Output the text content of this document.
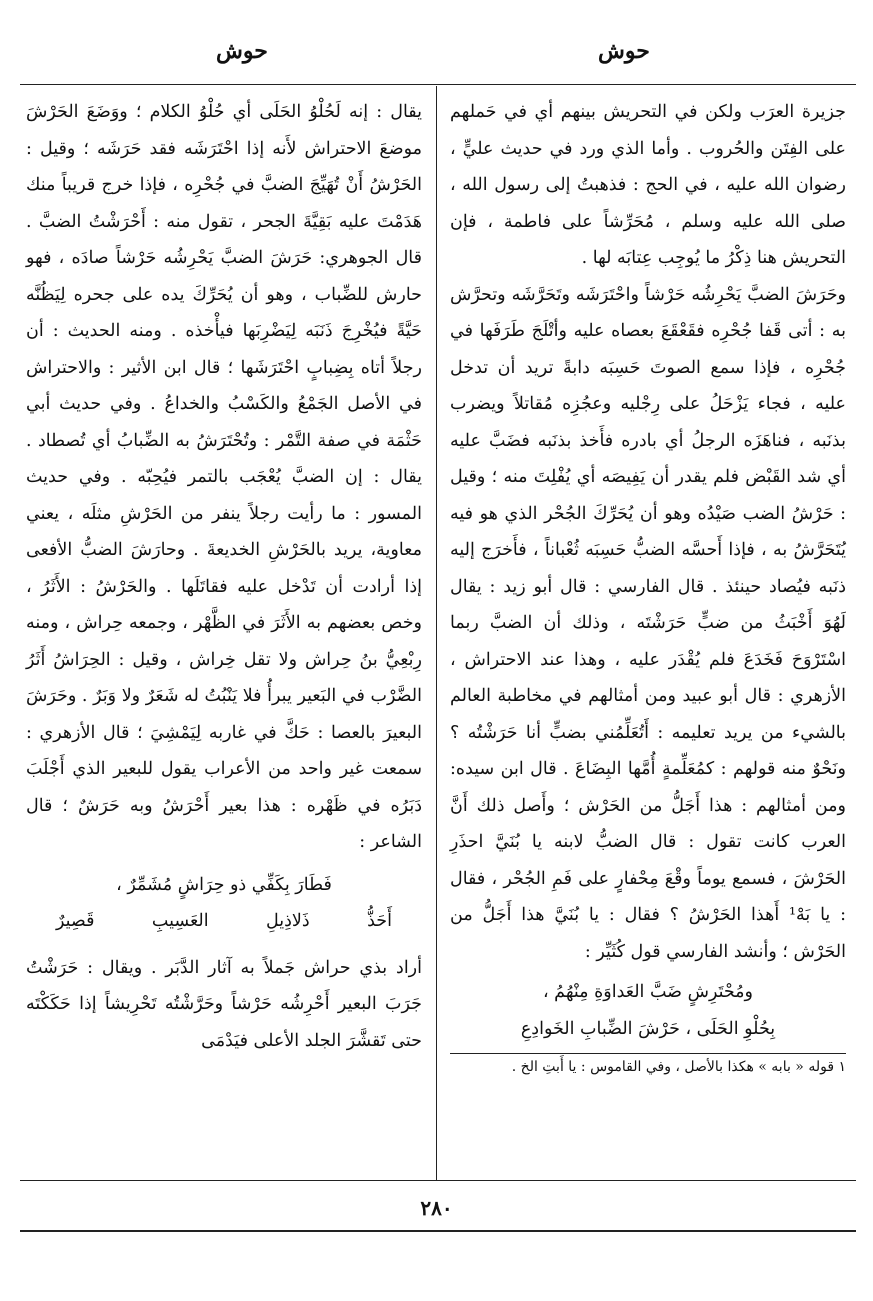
حوش
حوش

جزيرة العرَب ولكن في التحريش بينهم أي في حَملهم على الفِتَن والحُروب . وأما الذي ورد في حديث عليٍّ ، رضوان الله عليه ، في الحج : فذهبتُ إلى رسول الله ، صلى الله عليه وسلم ، مُحَرِّشاً على فاطمة ، فإن التحريش هنا ذِكْرُ ما يُوجِب عِتابَه لها .

وحَرَشَ الضبَّ يَحْرِشُه حَرْشاً واحْتَرَشَه وتَحَرَّشَه وتحرَّش به : أتى قَفا جُحْرِه فقَعْقَعَ بعصاه عليه وأتْلَجَ طَرَفَها في جُحْرِه ، فإذا سمع الصوتَ حَسِبَه دابةً تريد أن تدخل عليه ، فجاء يَزْحَلُ على رِجْليه وعجُزِه مُقاتلاً ويضرب بذنَبه ، فناهَزَه الرجلُ أي بادره فأَخذ بذنَبه فضَبَّ عليه أي شد القَبْض فلم يقدر أن يَفِيصَه أي يُفْلِتَ منه ؛ وقيل : حَرْشُ الضب صَيْدُه وهو أن يُحَرِّكَ الجُحْر الذي هو فيه يُتَحَرَّشُ به ، فإذا أَحسَّه الضبُّ حَسِبَه ثُعْباناً ، فأَخرَج إليه ذنَبه فيُصاد حينئذ . قال الفارسي : قال أبو زيد : يقال لَهُوَ أَخْبَثُ من ضبٍّ حَرَشْتَه ، وذلك أن الضبَّ ربما اسْتَرْوَحَ فَخَدَعَ فلم يُقْدَر عليه ، وهذا عند الاحتراش ، الأزهري : قال أبو عبيد ومن أمثالهم في مخاطبة العالم بالشيء من يريد تعليمه : أَتُعَلِّمُني بضبٍّ أنا حَرَشْتُه ؟ ونَحْوٌ منه قولهم : كمُعَلِّمةٍ أُمَّها البِضَاعَ . قال ابن سيده: ومن أمثالهم : هذا أَجَلُّ من الحَرْش ؛ وأَصل ذلك أَنَّ العرب كانت تقول : قال الضبُّ لابنه يا بُنَيَّ احذَرِ الحَرْشَ ، فسمع يوماً وقْعَ مِحْفارٍ على فَمِ الجُحْر ، فقال : يا بَهْ¹ أَهذا الحَرْشُ ؟ فقال : يا بُنَيَّ هذا أَجَلُّ من الحَرْش ؛ وأنشد الفارسي قول كُثَيِّر :

ومُحْتَرِشٍ ضَبَّ العَداوَةِ مِنْهُمُ ،
بِحُلْوِ الحَلَى ، حَرْشَ الضِّبابِ الخَوادِعِ
١ قوله « بابه » هكذا بالأصل ، وفي القاموس : يا أَبتِ الخ .

يقال : إنه لَحُلْوُ الحَلَى أي حُلْوُ الكلام ؛ ووَضَعَ الحَرْشَ موضعَ الاحتراش لأَنه إذا احْتَرَشَه فقد حَرَشَه ؛ وقيل : الحَرْشُ أَنْ تُهَيِّجَ الضبَّ في جُحْرِه ، فإذا خرج قريباً منك هَدَمْتَ عليه بَقِيَّةَ الجحر ، تقول منه : أَحْرَشْتُ الضبَّ . قال الجوهري: حَرَشَ الضبَّ يَحْرِشُه حَرْشاً صادَه ، فهو حارش للضِّباب ، وهو أن يُحَرِّكَ يده على جحره لِيَظُنَّه حَيَّةً فيُخْرِجَ ذَنَبَه لِيَضْرِبَها فيأْخذه . ومنه الحديث : أن رجلاً أتاه بِضِبابٍ احْتَرَشَها ؛ قال ابن الأثير : والاحتراش في الأصل الجَمْعُ والكَسْبُ والخداعُ . وفي حديث أبي حَثْمَة في صفة التَّمْر : وتُحْتَرَشُ به الضِّبابُ أي تُصطاد . يقال : إن الضبَّ يُعْجَب بالتمر فيُحِبّه . وفي حديث المسور : ما رأيت رجلاً ينفر من الحَرْشِ مثلَه ، يعني معاوية، يريد بالحَرْشِ الخديعةَ . وحارَشَ الضبُّ الأفعى إذا أرادت أن تَدْخل عليه فقاتَلَها . والحَرْشُ : الأَثَرُ ، وخص بعضهم به الأَثَرَ في الظَّهْر ، وجمعه حِراش ، ومنه رِبْعِيُّ بنُ حِراش ولا تقل خِراش ، وقيل : الحِرَاشُ أَثَرُ الضَّرْب في البَعير يبرأُ فلا يَنْبُتُ له شَعَرٌ ولا وَبَرٌ . وحَرَشَ البعيرَ بالعصا : حَكَّ في غاربه لِيَمْشِيَ ؛ قال الأزهري : سمعت غير واحد من الأعراب يقول للبعير الذي أَجْلَبَ دَبَرُه في ظَهْره : هذا بعير أَحْرَشُ وبه حَرَشٌ ؛ قال الشاعر :

فَطَارَ بِكَفِّي ذو حِرَاشٍ مُشَمِّرٌ ،
أَحَذُّ
ذَلاذِيلِ
العَسِيبِ
قَصِيرٌ

أراد بذي حراش جَملاً به آثار الدَّبَر . ويقال : حَرَشْتُ جَرَبَ البعير أَحْرِشُه حَرْشاً وحَرَّشْتُه تَحْرِيشاً إذا حَكَكْتَه حتى تَقشَّرَ الجلد الأعلى فيَدْمَى

٢٨٠
